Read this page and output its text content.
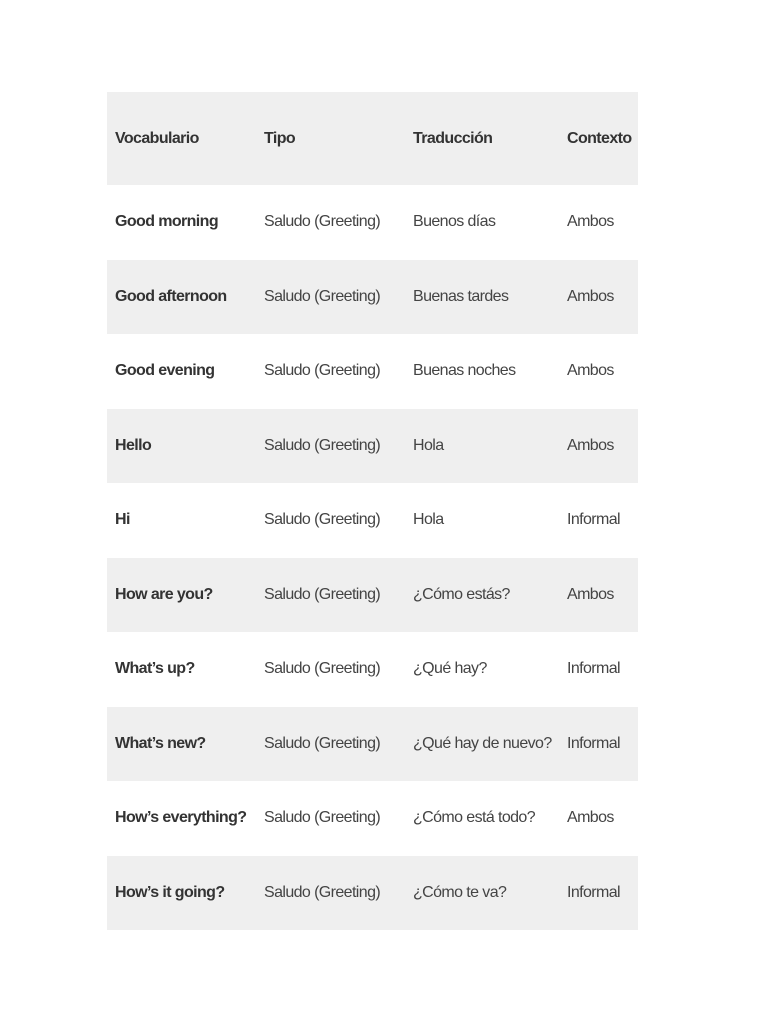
Vocabulario	Tipo	Traducción	Contexto
Good morning	Saludo (Greeting)	Buenos días	Ambos
Good afternoon	Saludo (Greeting)	Buenas tardes	Ambos
Good evening	Saludo (Greeting)	Buenas noches	Ambos
Hello	Saludo (Greeting)	Hola	Ambos
Hi	Saludo (Greeting)	Hola	Informal
How are you?	Saludo (Greeting)	¿Cómo estás?	Ambos
What’s up?	Saludo (Greeting)	¿Qué hay?	Informal
What’s new?	Saludo (Greeting)	¿Qué hay de nuevo?	Informal
How’s everything?	Saludo (Greeting)	¿Cómo está todo?	Ambos
How’s it going?	Saludo (Greeting)	¿Cómo te va?	Informal
